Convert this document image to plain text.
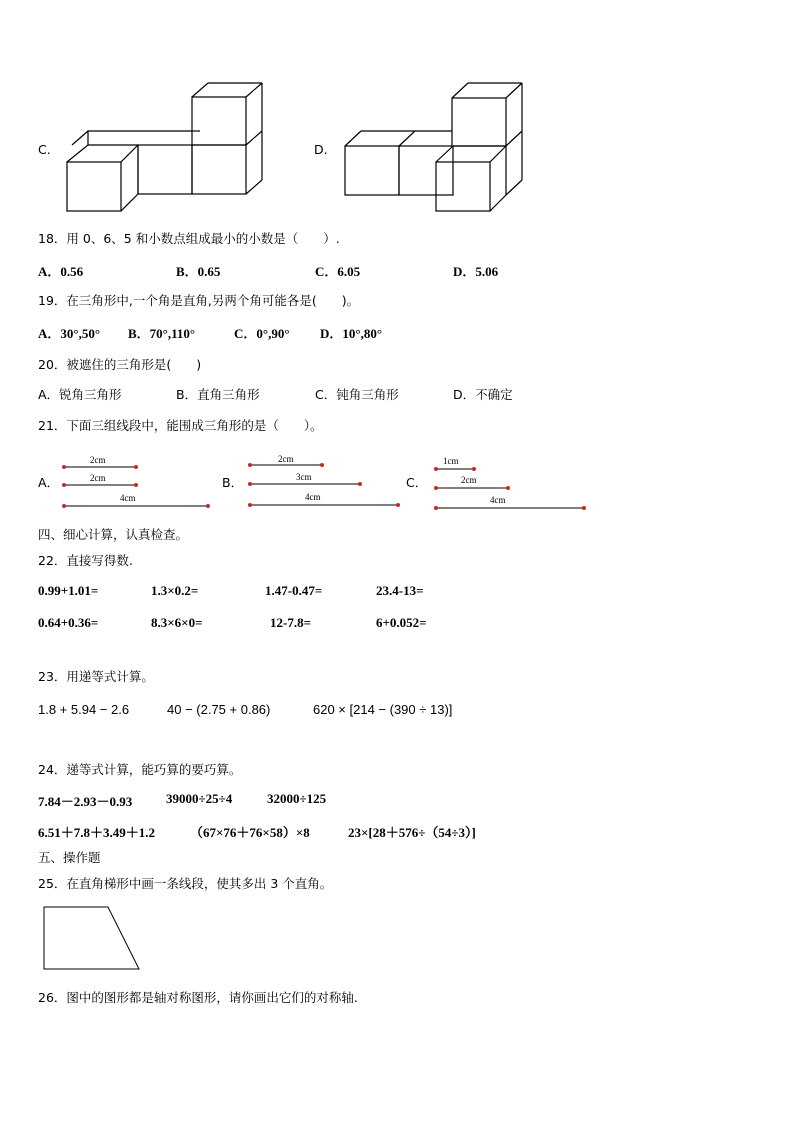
C.	D.
18．用 0、6、5 和小数点组成最小的小数是（　　）.
A．0.56	B．0.65	C．6.05	D．5.06
19．在三角形中,一个角是直角,另两个角可能各是(　　)。
A．30°,50° B．70°,110°	C．0°,90° D．10°,80°
20．被遮住的三角形是(　　)
A．锐角三角形	B．直角三角形	C．钝角三角形	D．不确定
21．下面三组线段中，能围成三角形的是（　　）。
A．
2cm
2cm
4cm
B．
2cm
3cm
4cm
C．
1cm
2cm
4cm
四、细心计算，认真检查。
22．直接写得数.
0.99+1.01=	1.3×0.2=	1.47-0.47=	23.4-13=
0.64+0.36=	8.3×6×0=	12-7.8=	6+0.052=
23．用递等式计算。
1.8 + 5.94 − 2.6	40 − (2.75 + 0.86)	620 × [214 − (390 ÷ 13)]
24．递等式计算，能巧算的要巧算。
7.84－2.93－0.93	39000÷25÷4	32000÷125
6.51＋7.8＋3.49＋1.2	（67×76＋76×58）×8	23×[28＋576÷（54÷3）]
五、操作题
25．在直角梯形中画一条线段，使其多出 3 个直角。
26．图中的图形都是轴对称图形，请你画出它们的对称轴.
